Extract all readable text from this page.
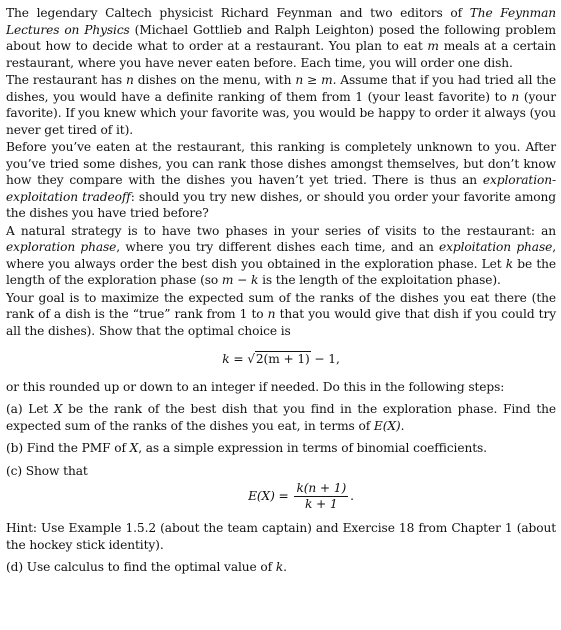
The legendary Caltech physicist Richard Feynman and two editors of The Feynman Lectures on Physics (Michael Gottlieb and Ralph Leighton) posed the following problem about how to decide what to order at a restaurant. You plan to eat m meals at a certain restaurant, where you have never eaten before. Each time, you will order one dish.

The restaurant has n dishes on the menu, with n ≥ m. Assume that if you had tried all the dishes, you would have a definite ranking of them from 1 (your least favorite) to n (your favorite). If you knew which your favorite was, you would be happy to order it always (you never get tired of it).

Before you’ve eaten at the restaurant, this ranking is completely unknown to you. After you’ve tried some dishes, you can rank those dishes amongst themselves, but don’t know how they compare with the dishes you haven’t yet tried. There is thus an exploration-exploitation tradeoff: should you try new dishes, or should you order your favorite among the dishes you have tried before?

A natural strategy is to have two phases in your series of visits to the restaurant: an exploration phase, where you try different dishes each time, and an exploitation phase, where you always order the best dish you obtained in the exploration phase. Let k be the length of the exploration phase (so m − k is the length of the exploitation phase).

Your goal is to maximize the expected sum of the ranks of the dishes you eat there (the rank of a dish is the “true” rank from 1 to n that you would give that dish if you could try all the dishes). Show that the optimal choice is

k = √2(m + 1) − 1,

or this rounded up or down to an integer if needed. Do this in the following steps:

(a) Let X be the rank of the best dish that you find in the exploration phase. Find the expected sum of the ranks of the dishes you eat, in terms of E(X).

(b) Find the PMF of X, as a simple expression in terms of binomial coefficients.

(c) Show that

$E(X) = \frac{k(n + 1)}{k + 1}$ .

Hint: Use Example 1.5.2 (about the team captain) and Exercise 18 from Chapter 1 (about the hockey stick identity).

(d) Use calculus to find the optimal value of k.
